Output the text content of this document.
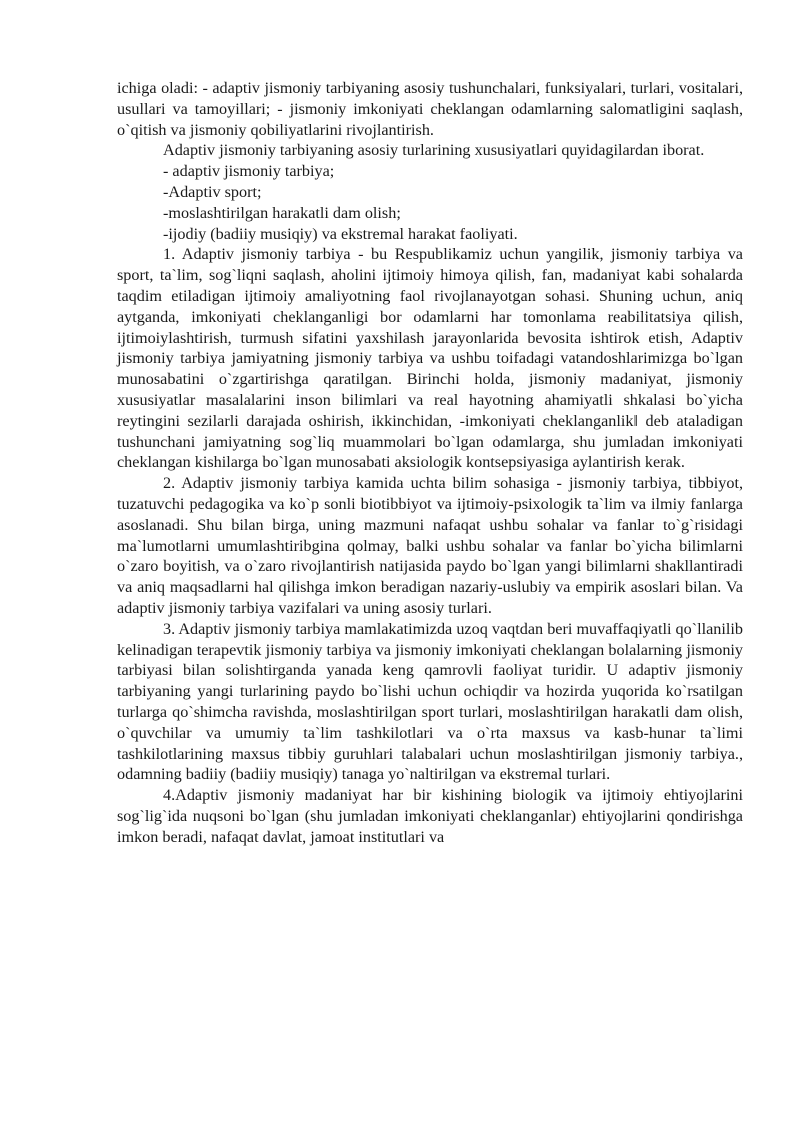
ichiga oladi: - adaptiv jismoniy tarbiyaning asosiy tushunchalari, funksiyalari, turlari, vositalari, usullari va tamoyillari; - jismoniy imkoniyati cheklangan odamlarning salomatligini saqlash, o`qitish va jismoniy qobiliyatlarini rivojlantirish.

Adaptiv jismoniy tarbiyaning asosiy turlarining xususiyatlari quyidagilardan iborat.

- adaptiv jismoniy tarbiya;

-Adaptiv sport;

-moslashtirilgan harakatli dam olish;

-ijodiy (badiiy musiqiy) va ekstremal harakat faoliyati.

1. Adaptiv jismoniy tarbiya - bu Respublikamiz uchun yangilik, jismoniy tarbiya va sport, ta`lim, sog`liqni saqlash, aholini ijtimoiy himoya qilish, fan, madaniyat kabi sohalarda taqdim etiladigan ijtimoiy amaliyotning faol rivojlanayotgan sohasi. Shuning uchun, aniq aytganda, imkoniyati cheklanganligi bor odamlarni har tomonlama reabilitatsiya qilish, ijtimoiylashtirish, turmush sifatini yaxshilash jarayonlarida bevosita ishtirok etish, Adaptiv jismoniy tarbiya jamiyatning jismoniy tarbiya va ushbu toifadagi vatandoshlarimizga bo`lgan munosabatini o`zgartirishga qaratilgan. Birinchi holda, jismoniy madaniyat, jismoniy xususiyatlar masalalarini inson bilimlari va real hayotning ahamiyatli shkalasi bo`yicha reytingini sezilarli darajada oshirish, ikkinchidan, -imkoniyati cheklanganlik‖ deb ataladigan tushunchani jamiyatning sog`liq muammolari bo`lgan odamlarga, shu jumladan imkoniyati cheklangan kishilarga bo`lgan munosabati aksiologik kontsepsiyasiga aylantirish kerak.

2. Adaptiv jismoniy tarbiya kamida uchta bilim sohasiga - jismoniy tarbiya, tibbiyot, tuzatuvchi pedagogika va ko`p sonli biotibbiyot va ijtimoiy-psixologik ta`lim va ilmiy fanlarga asoslanadi. Shu bilan birga, uning mazmuni nafaqat ushbu sohalar va fanlar to`g`risidagi ma`lumotlarni umumlashtiribgina qolmay, balki ushbu sohalar va fanlar bo`yicha bilimlarni o`zaro boyitish, va o`zaro rivojlantirish natijasida paydo bo`lgan yangi bilimlarni shakllantiradi va aniq maqsadlarni hal qilishga imkon beradigan nazariy-uslubiy va empirik asoslari bilan. Va adaptiv jismoniy tarbiya vazifalari va uning asosiy turlari.

3. Adaptiv jismoniy tarbiya mamlakatimizda uzoq vaqtdan beri muvaffaqiyatli qo`llanilib kelinadigan terapevtik jismoniy tarbiya va jismoniy imkoniyati cheklangan bolalarning jismoniy tarbiyasi bilan solishtirganda yanada keng qamrovli faoliyat turidir. U adaptiv jismoniy tarbiyaning yangi turlarining paydo bo`lishi uchun ochiqdir va hozirda yuqorida ko`rsatilgan turlarga qo`shimcha ravishda, moslashtirilgan sport turlari, moslashtirilgan harakatli dam olish, o`quvchilar va umumiy ta`lim tashkilotlari va o`rta maxsus va kasb-hunar ta`limi tashkilotlarining maxsus tibbiy guruhlari talabalari uchun moslashtirilgan jismoniy tarbiya., odamning badiiy (badiiy musiqiy) tanaga yo`naltirilgan va ekstremal turlari.

4.Adaptiv jismoniy madaniyat har bir kishining biologik va ijtimoiy ehtiyojlarini sog`lig`ida nuqsoni bo`lgan (shu jumladan imkoniyati cheklanganlar) ehtiyojlarini qondirishga imkon beradi, nafaqat davlat, jamoat institutlari va
